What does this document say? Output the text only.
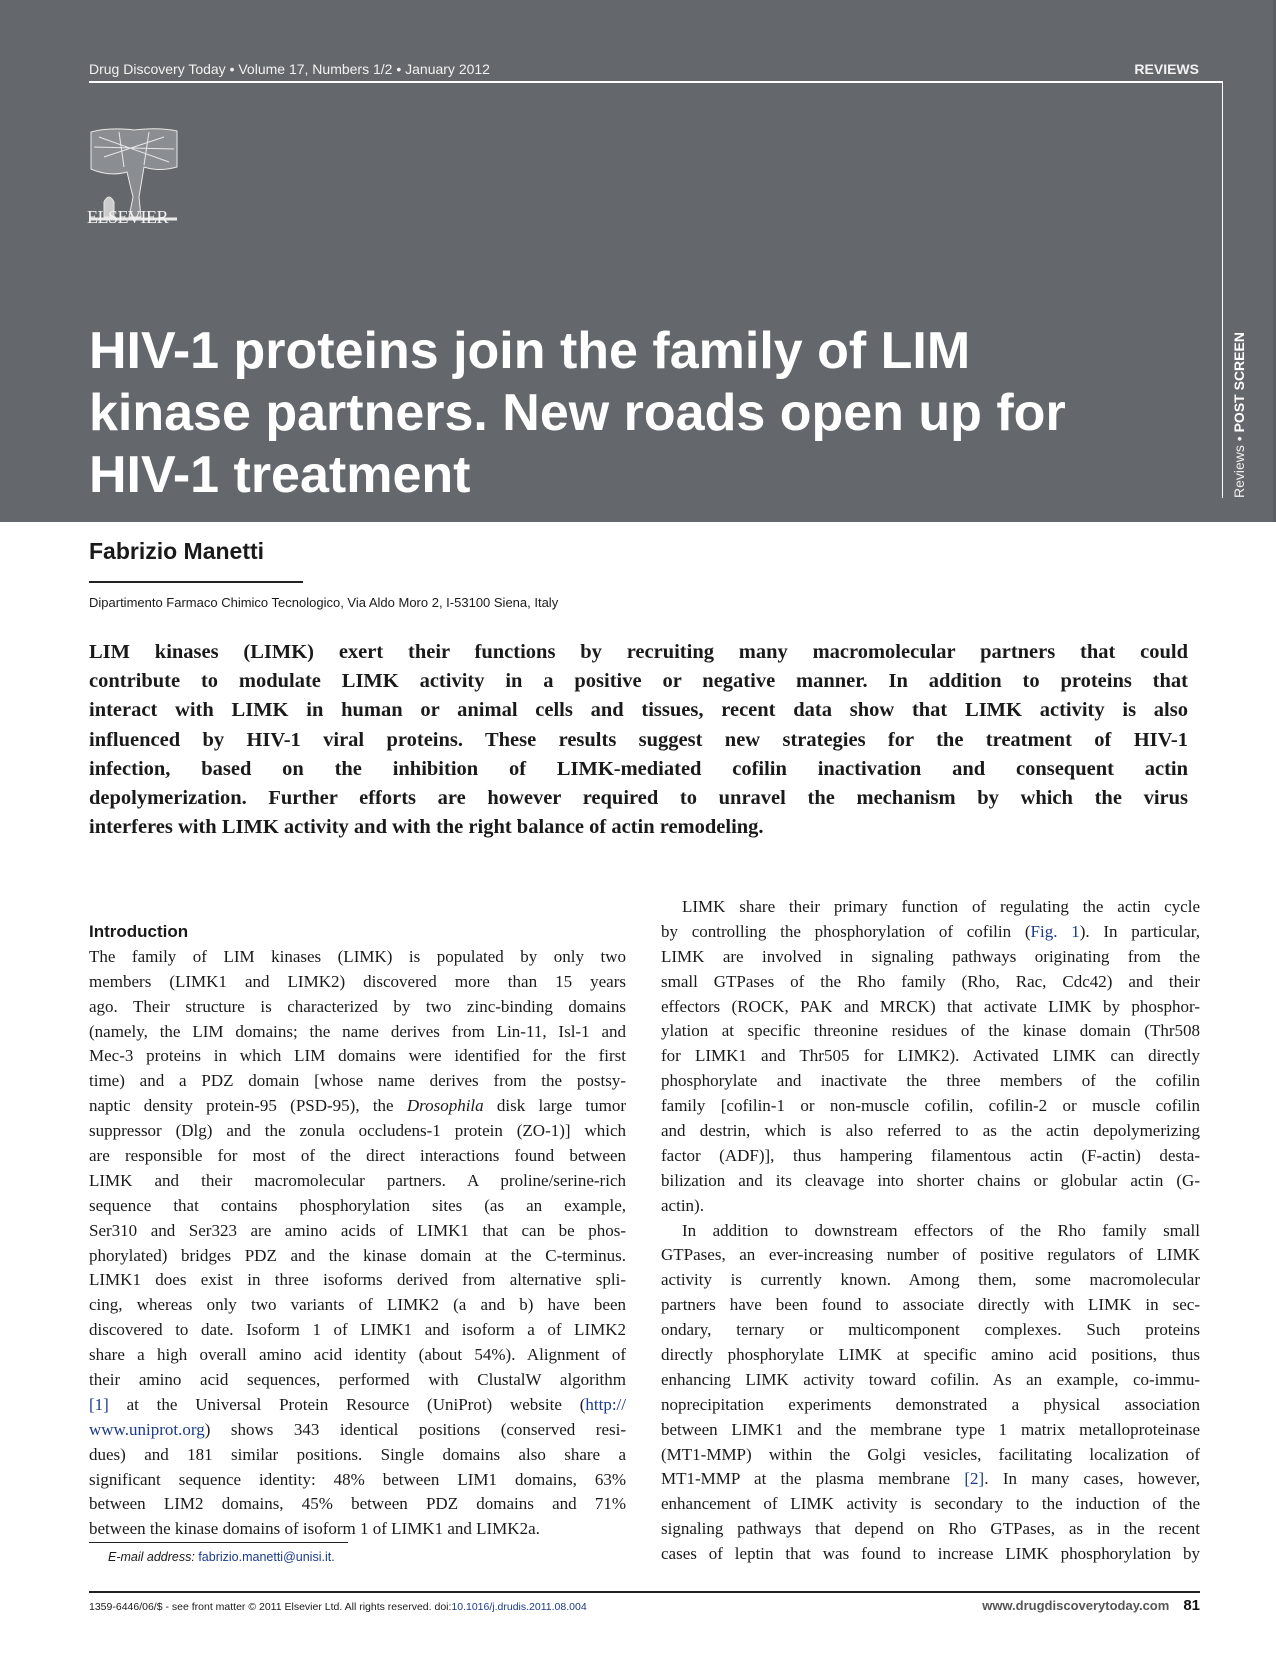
Drug Discovery Today • Volume 17, Numbers 1/2 • January 2012	REVIEWS
Reviews • POST SCREEN
ELSEVIER
HIV-1 proteins join the family of LIM
kinase partners. New roads open up for
HIV-1 treatment
Fabrizio Manetti
Dipartimento Farmaco Chimico Tecnologico, Via Aldo Moro 2, I-53100 Siena, Italy
LIM kinases (LIMK) exert their functions by recruiting many macromolecular partners that could
contribute to modulate LIMK activity in a positive or negative manner. In addition to proteins that
interact with LIMK in human or animal cells and tissues, recent data show that LIMK activity is also
influenced by HIV-1 viral proteins. These results suggest new strategies for the treatment of HIV-1
infection, based on the inhibition of LIMK-mediated cofilin inactivation and consequent actin
depolymerization. Further efforts are however required to unravel the mechanism by which the virus
interferes with LIMK activity and with the right balance of actin remodeling.
Introduction
The family of LIM kinases (LIMK) is populated by only two
members (LIMK1 and LIMK2) discovered more than 15 years
ago. Their structure is characterized by two zinc-binding domains
(namely, the LIM domains; the name derives from Lin-11, Isl-1 and
Mec-3 proteins in which LIM domains were identified for the first
time) and a PDZ domain [whose name derives from the postsy-
naptic density protein-95 (PSD-95), the Drosophila disk large tumor
suppressor (Dlg) and the zonula occludens-1 protein (ZO-1)] which
are responsible for most of the direct interactions found between
LIMK and their macromolecular partners. A proline/serine-rich
sequence that contains phosphorylation sites (as an example,
Ser310 and Ser323 are amino acids of LIMK1 that can be phos-
phorylated) bridges PDZ and the kinase domain at the C-terminus.
LIMK1 does exist in three isoforms derived from alternative spli-
cing, whereas only two variants of LIMK2 (a and b) have been
discovered to date. Isoform 1 of LIMK1 and isoform a of LIMK2
share a high overall amino acid identity (about 54%). Alignment of
their amino acid sequences, performed with ClustalW algorithm
[1] at the Universal Protein Resource (UniProt) website (http://
www.uniprot.org) shows 343 identical positions (conserved resi-
dues) and 181 similar positions. Single domains also share a
significant sequence identity: 48% between LIM1 domains, 63%
between LIM2 domains, 45% between PDZ domains and 71%
between the kinase domains of isoform 1 of LIMK1 and LIMK2a.
LIMK share their primary function of regulating the actin cycle
by controlling the phosphorylation of cofilin (Fig. 1). In particular,
LIMK are involved in signaling pathways originating from the
small GTPases of the Rho family (Rho, Rac, Cdc42) and their
effectors (ROCK, PAK and MRCK) that activate LIMK by phosphor-
ylation at specific threonine residues of the kinase domain (Thr508
for LIMK1 and Thr505 for LIMK2). Activated LIMK can directly
phosphorylate and inactivate the three members of the cofilin
family [cofilin-1 or non-muscle cofilin, cofilin-2 or muscle cofilin
and destrin, which is also referred to as the actin depolymerizing
factor (ADF)], thus hampering filamentous actin (F-actin) desta-
bilization and its cleavage into shorter chains or globular actin (G-
actin).
In addition to downstream effectors of the Rho family small
GTPases, an ever-increasing number of positive regulators of LIMK
activity is currently known. Among them, some macromolecular
partners have been found to associate directly with LIMK in sec-
ondary, ternary or multicomponent complexes. Such proteins
directly phosphorylate LIMK at specific amino acid positions, thus
enhancing LIMK activity toward cofilin. As an example, co-immu-
noprecipitation experiments demonstrated a physical association
between LIMK1 and the membrane type 1 matrix metalloproteinase
(MT1-MMP) within the Golgi vesicles, facilitating localization of
MT1-MMP at the plasma membrane [2]. In many cases, however,
enhancement of LIMK activity is secondary to the induction of the
signaling pathways that depend on Rho GTPases, as in the recent
cases of leptin that was found to increase LIMK phosphorylation by
E-mail address: fabrizio.manetti@unisi.it.
1359-6446/06/$ - see front matter © 2011 Elsevier Ltd. All rights reserved. doi:10.1016/j.drudis.2011.08.004	www.drugdiscoverytoday.com 81
